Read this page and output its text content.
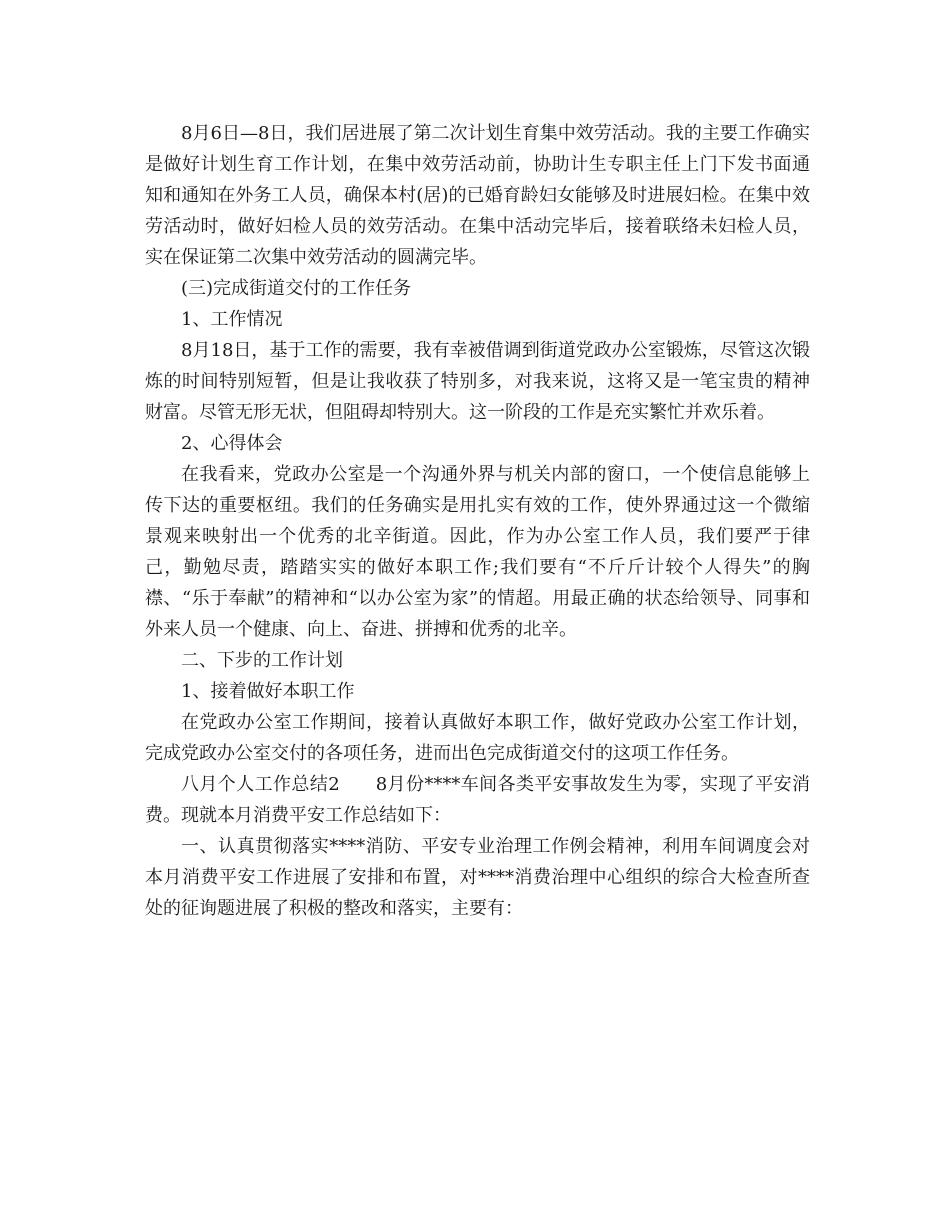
8月6日—8日，我们居进展了第二次计划生育集中效劳活动。我的主要工作确实是做好计划生育工作计划，在集中效劳活动前，协助计生专职主任上门下发书面通知和通知在外务工人员，确保本村(居)的已婚育龄妇女能够及时进展妇检。在集中效劳活动时，做好妇检人员的效劳活动。在集中活动完毕后，接着联络未妇检人员，实在保证第二次集中效劳活动的圆满完毕。

(三)完成街道交付的工作任务

1、工作情况

8月18日，基于工作的需要，我有幸被借调到街道党政办公室锻炼，尽管这次锻炼的时间特别短暂，但是让我收获了特别多，对我来说，这将又是一笔宝贵的精神财富。尽管无形无状，但阻碍却特别大。这一阶段的工作是充实繁忙并欢乐着。

2、心得体会

在我看来，党政办公室是一个沟通外界与机关内部的窗口，一个使信息能够上传下达的重要枢纽。我们的任务确实是用扎实有效的工作，使外界通过这一个微缩景观来映射出一个优秀的北辛街道。因此，作为办公室工作人员，我们要严于律己，勤勉尽责，踏踏实实的做好本职工作;我们要有“不斤斤计较个人得失”的胸襟、“乐于奉献”的精神和“以办公室为家”的情超。用最正确的状态给领导、同事和外来人员一个健康、向上、奋进、拼搏和优秀的北辛。

二、下步的工作计划

1、接着做好本职工作

在党政办公室工作期间，接着认真做好本职工作，做好党政办公室工作计划，完成党政办公室交付的各项任务，进而出色完成街道交付的这项工作任务。

八月个人工作总结2 8月份****车间各类平安事故发生为零，实现了平安消费。现就本月消费平安工作总结如下：

一、认真贯彻落实****消防、平安专业治理工作例会精神，利用车间调度会对本月消费平安工作进展了安排和布置，对****消费治理中心组织的综合大检查所查处的征询题进展了积极的整改和落实，主要有：
